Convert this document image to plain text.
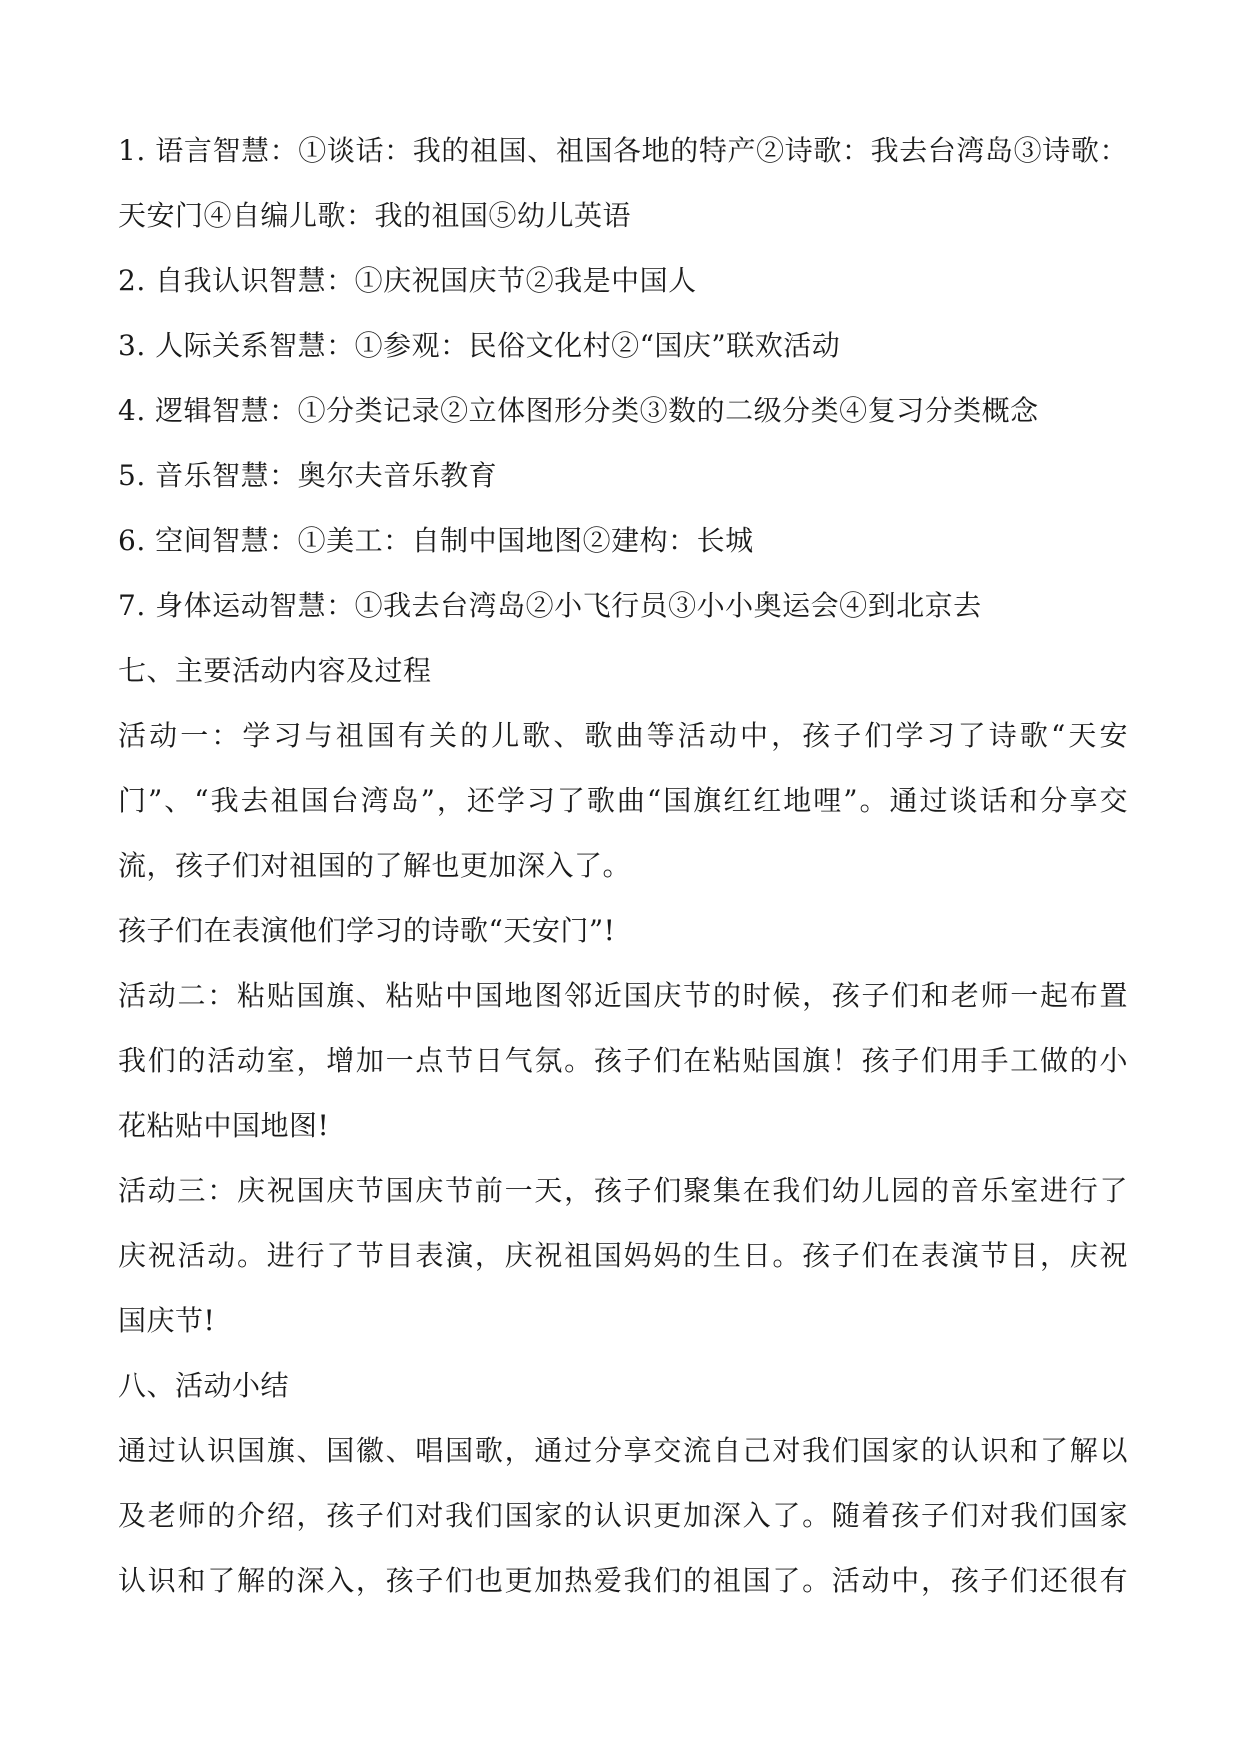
1. 语言智慧：①谈话：我的祖国、祖国各地的特产②诗歌：我去台湾岛③诗歌：
天安门④自编儿歌：我的祖国⑤幼儿英语
2. 自我认识智慧：①庆祝国庆节②我是中国人
3. 人际关系智慧：①参观：民俗文化村②“国庆”联欢活动
4. 逻辑智慧：①分类记录②立体图形分类③数的二级分类④复习分类概念
5. 音乐智慧：奥尔夫音乐教育
6. 空间智慧：①美工：自制中国地图②建构：长城
7. 身体运动智慧：①我去台湾岛②小飞行员③小小奥运会④到北京去
七、主要活动内容及过程
活动一：学习与祖国有关的儿歌、歌曲等活动中，孩子们学习了诗歌“天安
门”、“我去祖国台湾岛”，还学习了歌曲“国旗红红地哩”。通过谈话和分享交
流，孩子们对祖国的了解也更加深入了。
孩子们在表演他们学习的诗歌“天安门”!
活动二：粘贴国旗、粘贴中国地图邻近国庆节的时候，孩子们和老师一起布置
我们的活动室，增加一点节日气氛。孩子们在粘贴国旗！孩子们用手工做的小
花粘贴中国地图!
活动三：庆祝国庆节国庆节前一天，孩子们聚集在我们幼儿园的音乐室进行了
庆祝活动。进行了节目表演，庆祝祖国妈妈的生日。孩子们在表演节目，庆祝
国庆节!
八、活动小结
通过认识国旗、国徽、唱国歌，通过分享交流自己对我们国家的认识和了解以
及老师的介绍，孩子们对我们国家的认识更加深入了。随着孩子们对我们国家
认识和了解的深入，孩子们也更加热爱我们的祖国了。活动中，孩子们还很有
